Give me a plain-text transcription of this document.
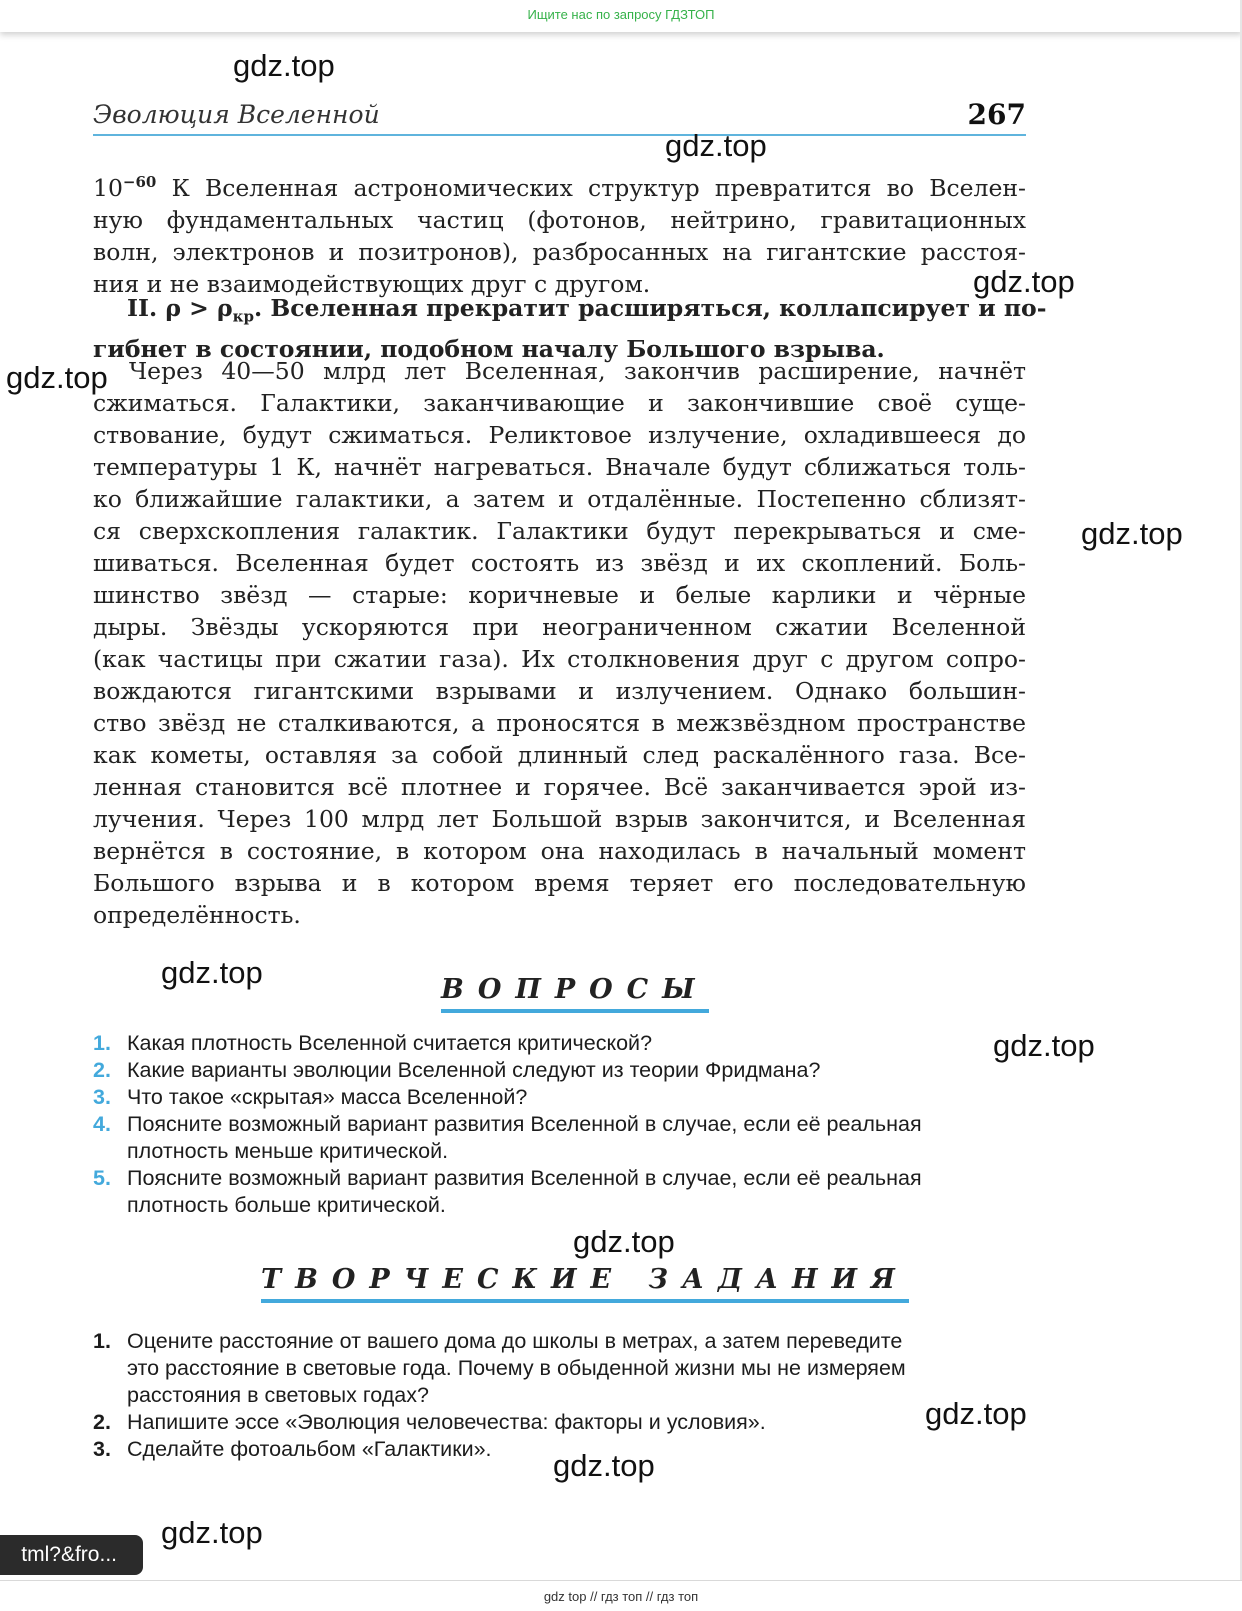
Ищите нас по запросу ГДЗТОП
Эволюция Вселенной	267
$10^{-60}$ К Вселенная астрономических структур превратится во Вселен-
ную фундаментальных частиц (фотонов, нейтрино, гравитационных
волн, электронов и позитронов), разбросанных на гигантские расстоя-
ния и не взаимодействующих друг с другом.
II. $\rho > \rho_{кр}$. Вселенная прекратит расширяться, коллапсирует и по-
гибнет в состоянии, подобном началу Большого взрыва.
Через 40—50 млрд лет Вселенная, закончив расширение, начнёт
сжиматься. Галактики, заканчивающие и закончившие своё суще-
ствование, будут сжиматься. Реликтовое излучение, охладившееся до
температуры 1 К, начнёт нагреваться. Вначале будут сближаться толь-
ко ближайшие галактики, а затем и отдалённые. Постепенно сблизят-
ся сверхскопления галактик. Галактики будут перекрываться и сме-
шиваться. Вселенная будет состоять из звёзд и их скоплений. Боль-
шинство звёзд — старые: коричневые и белые карлики и чёрные
дыры. Звёзды ускоряются при неограниченном сжатии Вселенной
(как частицы при сжатии газа). Их столкновения друг с другом сопро-
вождаются гигантскими взрывами и излучением. Однако большин-
ство звёзд не сталкиваются, а проносятся в межзвёздном пространстве
как кометы, оставляя за собой длинный след раскалённого газа. Все-
ленная становится всё плотнее и горячее. Всё заканчивается эрой из-
лучения. Через 100 млрд лет Большой взрыв закончится, и Вселенная
вернётся в состояние, в котором она находилась в начальный момент
Большого взрыва и в котором время теряет его последовательную
определённость.
ВОПРОСЫ
1. Какая плотность Вселенной считается критической?
2. Какие варианты эволюции Вселенной следуют из теории Фридмана?
3. Что такое «скрытая» масса Вселенной?
4. Поясните возможный вариант развития Вселенной в случае, если её реальная
плотность меньше критической.
5. Поясните возможный вариант развития Вселенной в случае, если её реальная
плотность больше критической.
ТВОРЧЕСКИЕ ЗАДАНИЯ
1. Оцените расстояние от вашего дома до школы в метрах, а затем переведите
это расстояние в световые года. Почему в обыденной жизни мы не измеряем
расстояния в световых годах?
2. Напишите эссе «Эволюция человечества: факторы и условия».
3. Сделайте фотоальбом «Галактики».
gdz.top
gdz.top
gdz.top
gdz.top
gdz.top
gdz.top
gdz.top
gdz.top
gdz.top
gdz.top
gdz.top
tml?&fro...
gdz top // гдз топ // гдз топ
